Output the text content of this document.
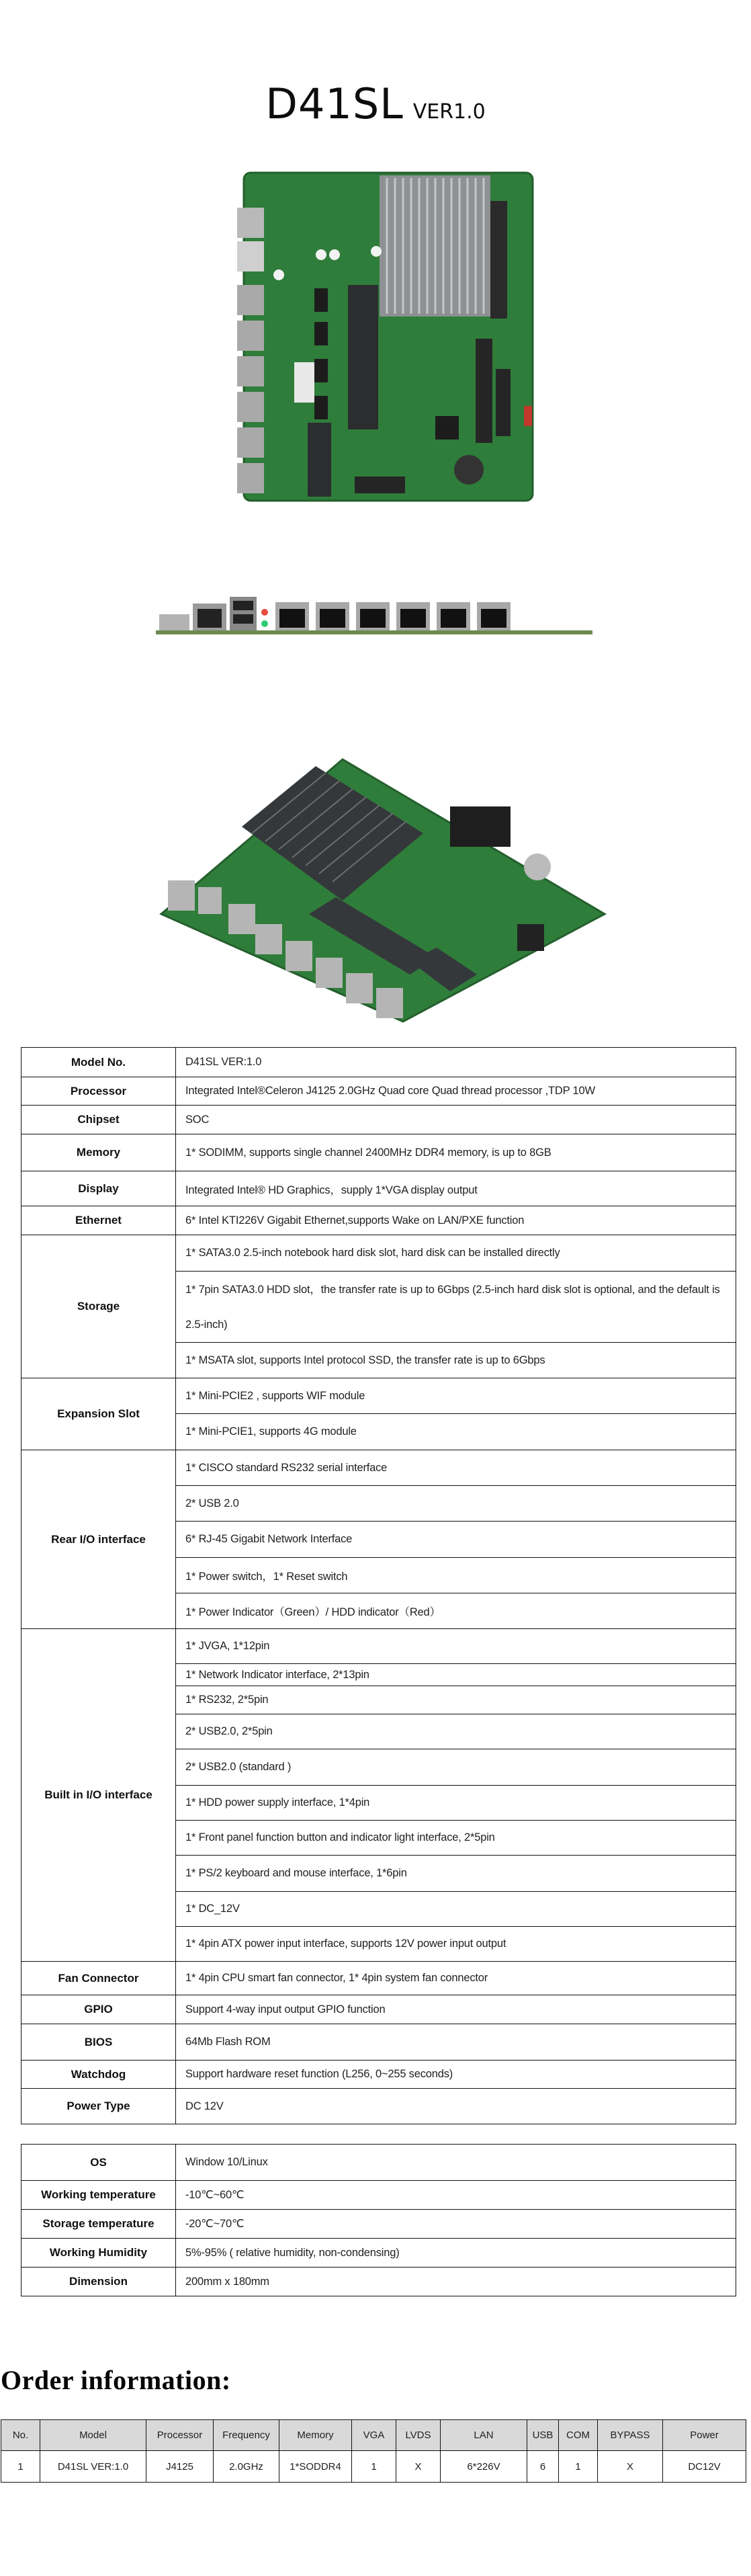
D41SL VER1.0
Model No.	D41SL VER:1.0
Processor	Integrated Intel®Celeron J4125 2.0GHz Quad core Quad thread processor ,TDP 10W
Chipset	SOC
Memory	1* SODIMM, supports single channel 2400MHz DDR4 memory, is up to 8GB
Display	Integrated Intel® HD Graphics，supply 1*VGA display output
Ethernet	6* Intel KTI226V Gigabit Ethernet,supports Wake on LAN/PXE function
Storage	1* SATA3.0 2.5-inch notebook hard disk slot, hard disk can be installed directly
	1* 7pin SATA3.0 HDD slot，the transfer rate is up to 6Gbps (2.5-inch hard disk slot is optional, and the default is 2.5-inch)
	1* MSATA slot, supports Intel protocol SSD, the transfer rate is up to 6Gbps
Expansion Slot	1* Mini-PCIE2 , supports WIF module
	1* Mini-PCIE1, supports 4G module
Rear I/O interface	1* CISCO standard RS232 serial interface
	2* USB 2.0
	6* RJ-45 Gigabit Network Interface
	1* Power switch，1* Reset switch
	1* Power Indicator（Green）/ HDD indicator（Red）
Built in I/O interface	1* JVGA, 1*12pin
	1* Network Indicator interface, 2*13pin
	1* RS232, 2*5pin
	2* USB2.0, 2*5pin
	2* USB2.0 (standard )
	1* HDD power supply interface, 1*4pin
	1* Front panel function button and indicator light interface, 2*5pin
	1* PS/2 keyboard and mouse interface, 1*6pin
	1* DC_12V
	1* 4pin ATX power input interface, supports 12V power input output
Fan Connector	1* 4pin CPU smart fan connector, 1* 4pin system fan connector
GPIO	Support 4-way input output GPIO function
BIOS	64Mb Flash ROM
Watchdog	Support hardware reset function (L256, 0~255 seconds)
Power Type	DC 12V
OS	Window 10/Linux
Working temperature	-10℃~60℃
Storage temperature	-20℃~70℃
Working Humidity	5%-95% ( relative humidity, non-condensing)
Dimension	200mm x 180mm
Order information:
No.	Model	Processor	Frequency	Memory	VGA	LVDS	LAN	USB	COM	BYPASS	Power
1	D41SL VER:1.0	J4125	2.0GHz	1*SODDR4	1	X	6*226V	6	1	X	DC12V
